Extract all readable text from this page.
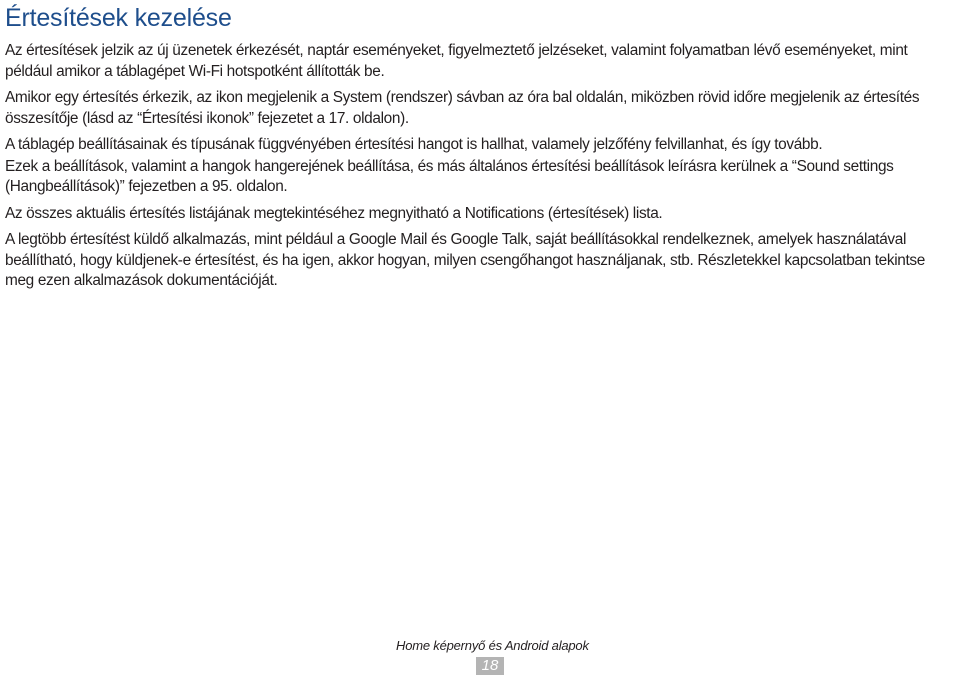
Értesítések kezelése

Az értesítések jelzik az új üzenetek érkezését, naptár eseményeket, figyelmeztető jelzéseket, valamint folyamatban lévő eseményeket, mint például amikor a táblagépet Wi-Fi hotspotként állították be.

Amikor egy értesítés érkezik, az ikon megjelenik a System (rendszer) sávban az óra bal oldalán, miközben rövid időre megjelenik az értesítés összesítője (lásd az “Értesítési ikonok” fejezetet a 17. oldalon).

A táblagép beállításainak és típusának függvényében értesítési hangot is hallhat, valamely jelzőfény felvillanhat, és így tovább.

Ezek a beállítások, valamint a hangok hangerejének beállítása, és más általános értesítési beállítások leírásra kerülnek a “Sound settings (Hangbeállítások)” fejezetben a 95. oldalon.

Az összes aktuális értesítés listájának megtekintéséhez megnyitható a Notifications (értesítések) lista.

A legtöbb értesítést küldő alkalmazás, mint például a Google Mail és Google Talk, saját beállításokkal rendelkeznek, amelyek használatával beállítható, hogy küldjenek-e értesítést, és ha igen, akkor hogyan, milyen csengőhangot használjanak, stb. Részletekkel kapcsolatban tekintse meg ezen alkalmazások dokumentációját.

Home képernyő és Android alapok
18
